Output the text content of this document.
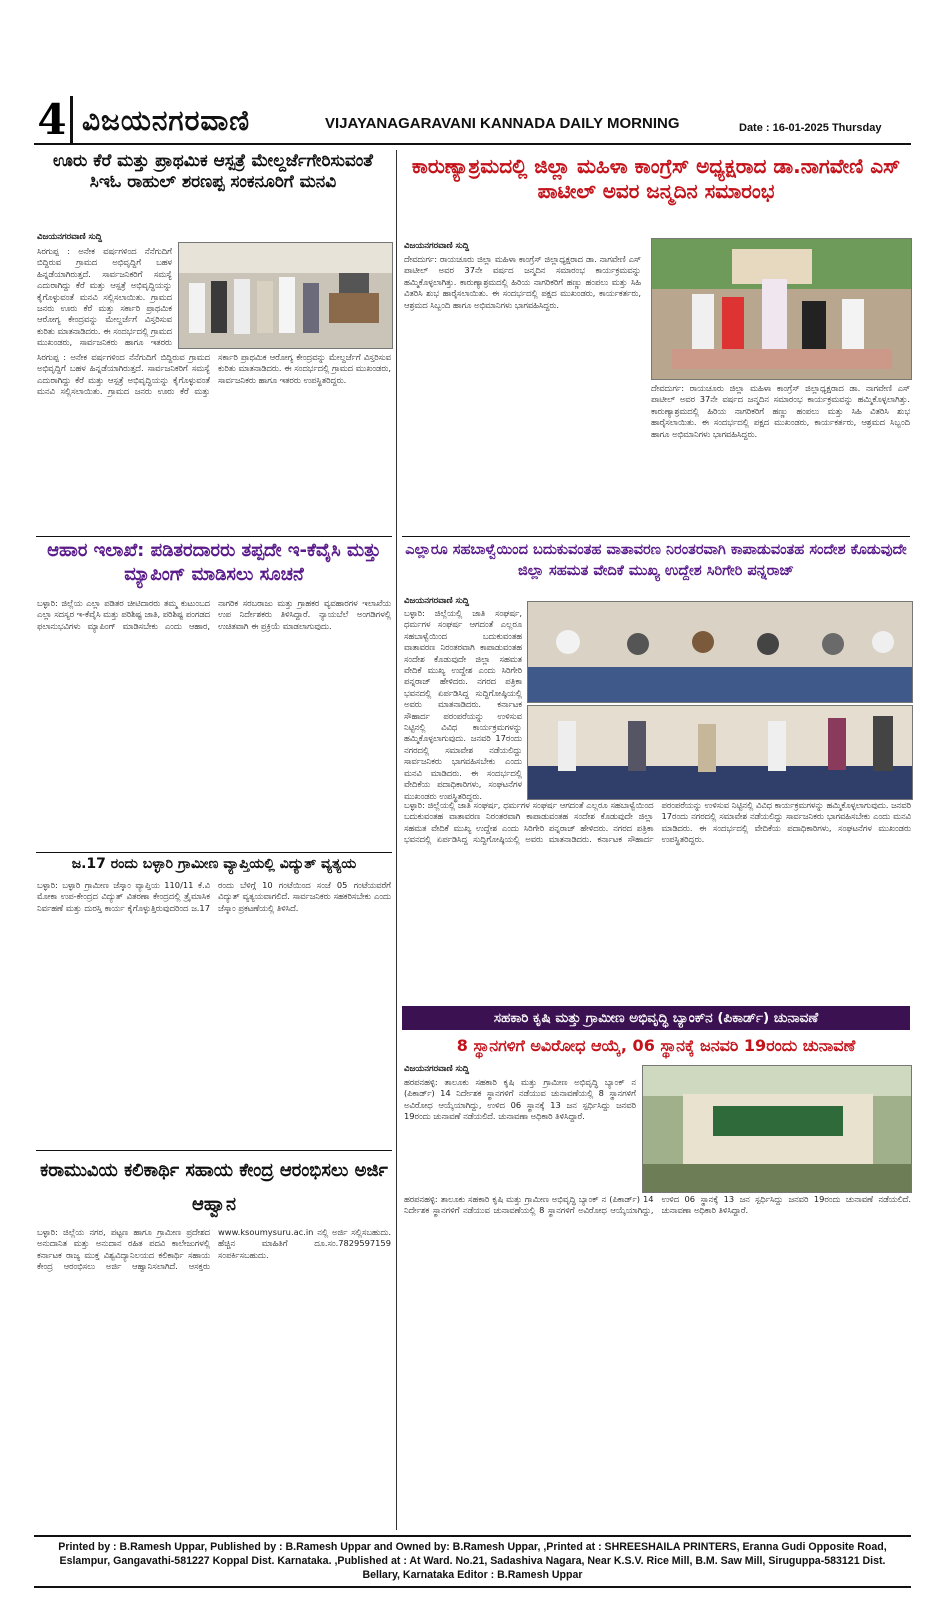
4 ವಿಜಯನಗರವಾಣಿ	VIJAYANAGARAVANI KANNADA DAILY MORNING	Date : 16-01-2025 Thursday
ಊರು ಕೆರೆ ಮತ್ತು ಪ್ರಾಥಮಿಕ ಆಸ್ಪತ್ರೆ ಮೇಲ್ದರ್ಜೆಗೇರಿಸುವಂತೆ ಸಿಇಓ ರಾಹುಲ್ ಶರಣಪ್ಪ ಸಂಕನೂರಿಗೆ ಮನವಿ
ವಿಜಯನಗರವಾಣಿ ಸುದ್ದಿ
ಸಿರಗುಪ್ಪ : ಅನೇಕ ವರ್ಷಗಳಿಂದ ನೆನೆಗುದಿಗೆ ಬಿದ್ದಿರುವ ಗ್ರಾಮದ ಅಭಿವೃದ್ದಿಗೆ ಬಹಳ ಹಿನ್ನಡೆಯಾಗಿರುತ್ತದೆ. ಸಾರ್ವಜನಿಕರಿಗೆ ಸಮಸ್ಯೆ ಎದುರಾಗಿದ್ದು ಕೆರೆ ಮತ್ತು ಆಸ್ಪತ್ರೆ ಅಭಿವೃದ್ಧಿಯನ್ನು ಕೈಗೊಳ್ಳುವಂತೆ ಮನವಿ ಸಲ್ಲಿಸಲಾಯಿತು. ಗ್ರಾಮದ ಜನರು ಊರು ಕೆರೆ ಮತ್ತು ಸರ್ಕಾರಿ ಪ್ರಾಥಮಿಕ ಆರೋಗ್ಯ ಕೇಂದ್ರವನ್ನು ಮೇಲ್ದರ್ಜೆಗೆ ವಿಸ್ತರಿಸುವ ಕುರಿತು ಮಾತನಾಡಿದರು. ಈ ಸಂದರ್ಭದಲ್ಲಿ ಗ್ರಾಮದ ಮುಖಂಡರು, ಸಾರ್ವಜನಿಕರು ಹಾಗೂ ಇತರರು
ಸಿರಗುಪ್ಪ : ಅನೇಕ ವರ್ಷಗಳಿಂದ ನೆನೆಗುದಿಗೆ ಬಿದ್ದಿರುವ ಗ್ರಾಮದ ಅಭಿವೃದ್ದಿಗೆ ಬಹಳ ಹಿನ್ನಡೆಯಾಗಿರುತ್ತದೆ. ಸಾರ್ವಜನಿಕರಿಗೆ ಸಮಸ್ಯೆ ಎದುರಾಗಿದ್ದು ಕೆರೆ ಮತ್ತು ಆಸ್ಪತ್ರೆ ಅಭಿವೃದ್ಧಿಯನ್ನು ಕೈಗೊಳ್ಳುವಂತೆ ಮನವಿ ಸಲ್ಲಿಸಲಾಯಿತು. ಗ್ರಾಮದ ಜನರು ಊರು ಕೆರೆ ಮತ್ತು ಸರ್ಕಾರಿ ಪ್ರಾಥಮಿಕ ಆರೋಗ್ಯ ಕೇಂದ್ರವನ್ನು ಮೇಲ್ದರ್ಜೆಗೆ ವಿಸ್ತರಿಸುವ ಕುರಿತು ಮಾತನಾಡಿದರು. ಈ ಸಂದರ್ಭದಲ್ಲಿ ಗ್ರಾಮದ ಮುಖಂಡರು, ಸಾರ್ವಜನಿಕರು ಹಾಗೂ ಇತರರು ಉಪಸ್ಥಿತರಿದ್ದರು.
ಕಾರುಣ್ಯಾಶ್ರಮದಲ್ಲಿ ಜಿಲ್ಲಾ ಮಹಿಳಾ ಕಾಂಗ್ರೆಸ್ ಅಧ್ಯಕ್ಷರಾದ ಡಾ.ನಾಗವೇಣಿ ಎಸ್ ಪಾಟೀಲ್ ಅವರ ಜನ್ಮದಿನ ಸಮಾರಂಭ
ವಿಜಯನಗರವಾಣಿ ಸುದ್ದಿ
ದೇವದುರ್ಗ: ರಾಯಚೂರು ಜಿಲ್ಲಾ ಮಹಿಳಾ ಕಾಂಗ್ರೆಸ್ ಜಿಲ್ಲಾಧ್ಯಕ್ಷರಾದ ಡಾ. ನಾಗವೇಣಿ ಎಸ್ ಪಾಟೀಲ್ ಅವರ 37ನೇ ವರ್ಷದ ಜನ್ಮದಿನ ಸಮಾರಂಭ ಕಾರ್ಯಕ್ರಮವನ್ನು ಹಮ್ಮಿಕೊಳ್ಳಲಾಗಿತ್ತು. ಕಾರುಣ್ಯಾಶ್ರಮದಲ್ಲಿ ಹಿರಿಯ ನಾಗರಿಕರಿಗೆ ಹಣ್ಣು ಹಂಪಲು ಮತ್ತು ಸಿಹಿ ವಿತರಿಸಿ ಶುಭ ಹಾರೈಸಲಾಯಿತು. ಈ ಸಂದರ್ಭದಲ್ಲಿ ಪಕ್ಷದ ಮುಖಂಡರು, ಕಾರ್ಯಕರ್ತರು, ಆಶ್ರಮದ ಸಿಬ್ಬಂದಿ ಹಾಗೂ ಅಭಿಮಾನಿಗಳು ಭಾಗವಹಿಸಿದ್ದರು.
ದೇವದುರ್ಗ: ರಾಯಚೂರು ಜಿಲ್ಲಾ ಮಹಿಳಾ ಕಾಂಗ್ರೆಸ್ ಜಿಲ್ಲಾಧ್ಯಕ್ಷರಾದ ಡಾ. ನಾಗವೇಣಿ ಎಸ್ ಪಾಟೀಲ್ ಅವರ 37ನೇ ವರ್ಷದ ಜನ್ಮದಿನ ಸಮಾರಂಭ ಕಾರ್ಯಕ್ರಮವನ್ನು ಹಮ್ಮಿಕೊಳ್ಳಲಾಗಿತ್ತು. ಕಾರುಣ್ಯಾಶ್ರಮದಲ್ಲಿ ಹಿರಿಯ ನಾಗರಿಕರಿಗೆ ಹಣ್ಣು ಹಂಪಲು ಮತ್ತು ಸಿಹಿ ವಿತರಿಸಿ ಶುಭ ಹಾರೈಸಲಾಯಿತು. ಈ ಸಂದರ್ಭದಲ್ಲಿ ಪಕ್ಷದ ಮುಖಂಡರು, ಕಾರ್ಯಕರ್ತರು, ಆಶ್ರಮದ ಸಿಬ್ಬಂದಿ ಹಾಗೂ ಅಭಿಮಾನಿಗಳು ಭಾಗವಹಿಸಿದ್ದರು.
ಆಹಾರ ಇಲಾಖೆ: ಪಡಿತರದಾರರು ತಪ್ಪದೇ ಇ-ಕೆವೈಸಿ ಮತ್ತು ಮ್ಯಾಪಿಂಗ್ ಮಾಡಿಸಲು ಸೂಚನೆ
ಬಳ್ಳಾರಿ: ಜಿಲ್ಲೆಯ ಎಲ್ಲಾ ಪಡಿತರ ಚೀಟಿದಾರರು ತಮ್ಮ ಕುಟುಂಬದ ಎಲ್ಲಾ ಸದಸ್ಯರ ಇ-ಕೆವೈಸಿ ಮತ್ತು ಪರಿಶಿಷ್ಟ ಜಾತಿ, ಪರಿಶಿಷ್ಟ ಪಂಗಡದ ಫಲಾನುಭವಿಗಳು ಮ್ಯಾಪಿಂಗ್ ಮಾಡಿಸಬೇಕು ಎಂದು ಆಹಾರ, ನಾಗರಿಕ ಸರಬರಾಜು ಮತ್ತು ಗ್ರಾಹಕರ ವ್ಯವಹಾರಗಳ ಇಲಾಖೆಯ ಉಪ ನಿರ್ದೇಶಕರು ತಿಳಿಸಿದ್ದಾರೆ. ನ್ಯಾಯಬೆಲೆ ಅಂಗಡಿಗಳಲ್ಲಿ ಉಚಿತವಾಗಿ ಈ ಪ್ರಕ್ರಿಯೆ ಮಾಡಲಾಗುವುದು.
ಎಲ್ಲಾರೂ ಸಹಬಾಳ್ವೆಯಿಂದ ಬದುಕುವಂತಹ ವಾತಾವರಣ ನಿರಂತರವಾಗಿ ಕಾಪಾಡುವಂತಹ ಸಂದೇಶ ಕೊಡುವುದೇ ಜಿಲ್ಲಾ ಸಹಮತ ವೇದಿಕೆ ಮುಖ್ಯ ಉದ್ದೇಶ ಸಿರಿಗೇರಿ ಪನ್ನರಾಜ್
ವಿಜಯನಗರವಾಣಿ ಸುದ್ದಿ
ಬಳ್ಳಾರಿ: ಜಿಲ್ಲೆಯಲ್ಲಿ ಜಾತಿ ಸಂಘರ್ಷ, ಧರ್ಮಗಳ ಸಂಘರ್ಷ ಆಗದಂತೆ ಎಲ್ಲರೂ ಸಹಬಾಳ್ವೆಯಿಂದ ಬದುಕುವಂತಹ ವಾತಾವರಣ ನಿರಂತರವಾಗಿ ಕಾಪಾಡುವಂತಹ ಸಂದೇಶ ಕೊಡುವುದೇ ಜಿಲ್ಲಾ ಸಹಮತ ವೇದಿಕೆ ಮುಖ್ಯ ಉದ್ದೇಶ ಎಂದು ಸಿರಿಗೇರಿ ಪನ್ನರಾಜ್ ಹೇಳಿದರು. ನಗರದ ಪತ್ರಿಕಾ ಭವನದಲ್ಲಿ ಏರ್ಪಡಿಸಿದ್ದ ಸುದ್ದಿಗೋಷ್ಠಿಯಲ್ಲಿ ಅವರು ಮಾತನಾಡಿದರು. ಕರ್ನಾಟಕ ಸೌಹಾರ್ದ ಪರಂಪರೆಯನ್ನು ಉಳಿಸುವ ನಿಟ್ಟಿನಲ್ಲಿ ವಿವಿಧ ಕಾರ್ಯಕ್ರಮಗಳನ್ನು ಹಮ್ಮಿಕೊಳ್ಳಲಾಗುವುದು. ಜನವರಿ 17ರಂದು ನಗರದಲ್ಲಿ ಸಮಾವೇಶ ನಡೆಯಲಿದ್ದು ಸಾರ್ವಜನಿಕರು ಭಾಗವಹಿಸಬೇಕು ಎಂದು ಮನವಿ ಮಾಡಿದರು. ಈ ಸಂದರ್ಭದಲ್ಲಿ ವೇದಿಕೆಯ ಪದಾಧಿಕಾರಿಗಳು, ಸಂಘಟನೆಗಳ ಮುಖಂಡರು ಉಪಸ್ಥಿತರಿದ್ದರು.
ಬಳ್ಳಾರಿ: ಜಿಲ್ಲೆಯಲ್ಲಿ ಜಾತಿ ಸಂಘರ್ಷ, ಧರ್ಮಗಳ ಸಂಘರ್ಷ ಆಗದಂತೆ ಎಲ್ಲರೂ ಸಹಬಾಳ್ವೆಯಿಂದ ಬದುಕುವಂತಹ ವಾತಾವರಣ ನಿರಂತರವಾಗಿ ಕಾಪಾಡುವಂತಹ ಸಂದೇಶ ಕೊಡುವುದೇ ಜಿಲ್ಲಾ ಸಹಮತ ವೇದಿಕೆ ಮುಖ್ಯ ಉದ್ದೇಶ ಎಂದು ಸಿರಿಗೇರಿ ಪನ್ನರಾಜ್ ಹೇಳಿದರು. ನಗರದ ಪತ್ರಿಕಾ ಭವನದಲ್ಲಿ ಏರ್ಪಡಿಸಿದ್ದ ಸುದ್ದಿಗೋಷ್ಠಿಯಲ್ಲಿ ಅವರು ಮಾತನಾಡಿದರು. ಕರ್ನಾಟಕ ಸೌಹಾರ್ದ ಪರಂಪರೆಯನ್ನು ಉಳಿಸುವ ನಿಟ್ಟಿನಲ್ಲಿ ವಿವಿಧ ಕಾರ್ಯಕ್ರಮಗಳನ್ನು ಹಮ್ಮಿಕೊಳ್ಳಲಾಗುವುದು. ಜನವರಿ 17ರಂದು ನಗರದಲ್ಲಿ ಸಮಾವೇಶ ನಡೆಯಲಿದ್ದು ಸಾರ್ವಜನಿಕರು ಭಾಗವಹಿಸಬೇಕು ಎಂದು ಮನವಿ ಮಾಡಿದರು. ಈ ಸಂದರ್ಭದಲ್ಲಿ ವೇದಿಕೆಯ ಪದಾಧಿಕಾರಿಗಳು, ಸಂಘಟನೆಗಳ ಮುಖಂಡರು ಉಪಸ್ಥಿತರಿದ್ದರು.
ಜ.17 ರಂದು ಬಳ್ಳಾರಿ ಗ್ರಾಮೀಣ ವ್ಯಾಪ್ತಿಯಲ್ಲಿ ವಿದ್ಯುತ್ ವ್ಯತ್ಯಯ
ಬಳ್ಳಾರಿ: ಬಳ್ಳಾರಿ ಗ್ರಾಮೀಣ ಜೆಸ್ಕಾಂ ವ್ಯಾಪ್ತಿಯ 110/11 ಕೆ.ವಿ ಮೋಕಾ ಉಪ-ಕೇಂದ್ರದ ವಿದ್ಯುತ್ ವಿತರಣಾ ಕೇಂದ್ರದಲ್ಲಿ ತ್ರೈಮಾಸಿಕ ನಿರ್ವಹಣೆ ಮತ್ತು ದುರಸ್ತಿ ಕಾರ್ಯ ಕೈಗೊಳ್ಳುತ್ತಿರುವುದರಿಂದ ಜ.17 ರಂದು ಬೆಳಿಗ್ಗೆ 10 ಗಂಟೆಯಿಂದ ಸಂಜೆ 05 ಗಂಟೆಯವರೆಗೆ ವಿದ್ಯುತ್ ವ್ಯತ್ಯಯವಾಗಲಿದೆ. ಸಾರ್ವಜನಿಕರು ಸಹಕರಿಸಬೇಕು ಎಂದು ಜೆಸ್ಕಾಂ ಪ್ರಕಟಣೆಯಲ್ಲಿ ತಿಳಿಸಿದೆ.
ಕರಾಮುವಿಯ ಕಲಿಕಾರ್ಥಿ ಸಹಾಯ ಕೇಂದ್ರ ಆರಂಭಿಸಲು ಅರ್ಜಿ ಆಹ್ವಾನ
ಬಳ್ಳಾರಿ: ಜಿಲ್ಲೆಯ ನಗರ, ಪಟ್ಟಣ ಹಾಗೂ ಗ್ರಾಮೀಣ ಪ್ರದೇಶದ ಅನುದಾನಿತ ಮತ್ತು ಅನುದಾನ ರಹಿತ ಪದವಿ ಕಾಲೇಜುಗಳಲ್ಲಿ ಕರ್ನಾಟಕ ರಾಜ್ಯ ಮುಕ್ತ ವಿಶ್ವವಿದ್ಯಾನಿಲಯದ ಕಲಿಕಾರ್ಥಿ ಸಹಾಯ ಕೇಂದ್ರ ಆರಂಭಿಸಲು ಅರ್ಜಿ ಆಹ್ವಾನಿಸಲಾಗಿದೆ. ಆಸಕ್ತರು www.ksoumysuru.ac.in ನಲ್ಲಿ ಅರ್ಜಿ ಸಲ್ಲಿಸಬಹುದು. ಹೆಚ್ಚಿನ ಮಾಹಿತಿಗೆ ದೂ.ಸಂ.7829597159 ಸಂಪರ್ಕಿಸಬಹುದು.
ಸಹಕಾರಿ ಕೃಷಿ ಮತ್ತು ಗ್ರಾಮೀಣ ಅಭಿವೃದ್ಧಿ ಬ್ಯಾಂಕ್‌ನ (ಪಿಕಾರ್ಡ್) ಚುನಾವಣೆ
8 ಸ್ಥಾನಗಳಿಗೆ ಅವಿರೋಧ ಆಯ್ಕೆ, 06 ಸ್ಥಾನಕ್ಕೆ ಜನವರಿ 19ರಂದು ಚುನಾವಣೆ
ವಿಜಯನಗರವಾಣಿ ಸುದ್ದಿ
ಹರಪನಹಳ್ಳಿ: ತಾಲೂಕು ಸಹಕಾರಿ ಕೃಷಿ ಮತ್ತು ಗ್ರಾಮೀಣ ಅಭಿವೃದ್ಧಿ ಬ್ಯಾಂಕ್ ನ (ಪಿಕಾರ್ಡ್) 14 ನಿರ್ದೇಶಕ ಸ್ಥಾನಗಳಿಗೆ ನಡೆಯುವ ಚುನಾವಣೆಯಲ್ಲಿ 8 ಸ್ಥಾನಗಳಿಗೆ ಅವಿರೋಧ ಆಯ್ಕೆಯಾಗಿದ್ದು, ಉಳಿದ 06 ಸ್ಥಾನಕ್ಕೆ 13 ಜನ ಸ್ಪರ್ಧಿಸಿದ್ದು ಜನವರಿ 19ರಂದು ಚುನಾವಣೆ ನಡೆಯಲಿದೆ. ಚುನಾವಣಾ ಅಧಿಕಾರಿ ತಿಳಿಸಿದ್ದಾರೆ.
ಹರಪನಹಳ್ಳಿ: ತಾಲೂಕು ಸಹಕಾರಿ ಕೃಷಿ ಮತ್ತು ಗ್ರಾಮೀಣ ಅಭಿವೃದ್ಧಿ ಬ್ಯಾಂಕ್ ನ (ಪಿಕಾರ್ಡ್) 14 ನಿರ್ದೇಶಕ ಸ್ಥಾನಗಳಿಗೆ ನಡೆಯುವ ಚುನಾವಣೆಯಲ್ಲಿ 8 ಸ್ಥಾನಗಳಿಗೆ ಅವಿರೋಧ ಆಯ್ಕೆಯಾಗಿದ್ದು, ಉಳಿದ 06 ಸ್ಥಾನಕ್ಕೆ 13 ಜನ ಸ್ಪರ್ಧಿಸಿದ್ದು ಜನವರಿ 19ರಂದು ಚುನಾವಣೆ ನಡೆಯಲಿದೆ. ಚುನಾವಣಾ ಅಧಿಕಾರಿ ತಿಳಿಸಿದ್ದಾರೆ.
Printed by : B.Ramesh Uppar, Published by : B.Ramesh Uppar and Owned by: B.Ramesh Uppar, ,Printed at : SHREESHAILA PRINTERS, Eranna Gudi Opposite Road,
Eslampur, Gangavathi-581227 Koppal Dist. Karnataka. ,Published at : At Ward. No.21, Sadashiva Nagara, Near K.S.V. Rice Mill, B.M. Saw Mill, Siruguppa-583121 Dist.
Bellary, Karnataka Editor : B.Ramesh Uppar
